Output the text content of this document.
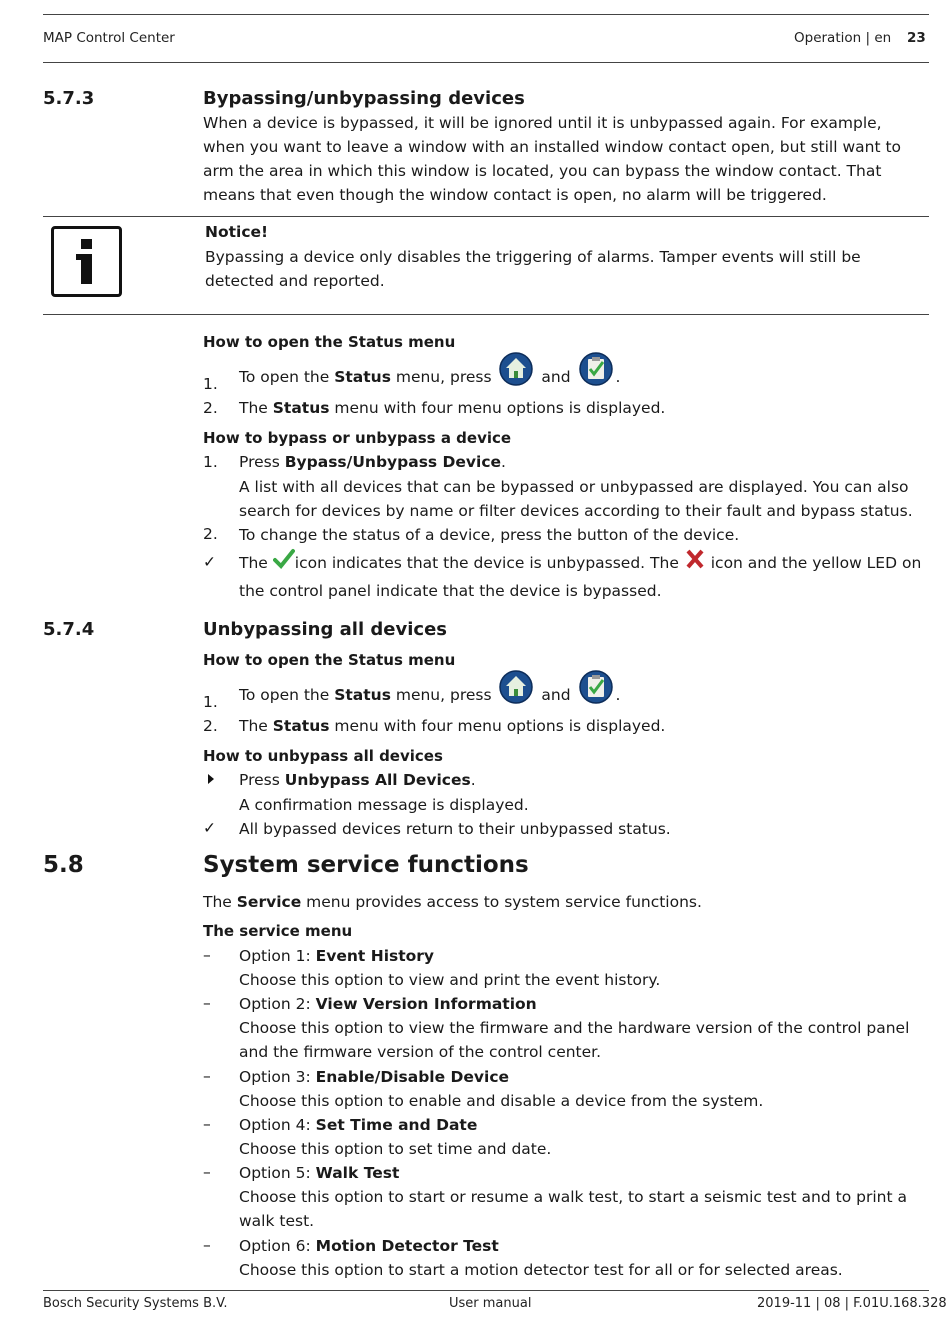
MAP Control Center	Operation | en 23
5.7.3	Bypassing/unbypassing devices
When a device is bypassed, it will be ignored until it is unbypassed again. For example, when you want to leave a window with an installed window contact open, but still want to arm the area in which this window is located, you can bypass the window contact. That means that even though the window contact is open, no alarm will be triggered.
Notice!
Bypassing a device only disables the triggering of alarms. Tamper events will still be detected and reported.
How to open the Status menu
1. To open the Status menu, press	and	.
2. The Status menu with four menu options is displayed.
How to bypass or unbypass a device
1. Press Bypass/Unbypass Device.
A list with all devices that can be bypassed or unbypassed are displayed. You can also search for devices by name or filter devices according to their fault and bypass status.
2. To change the status of a device, press the button of the device.
✓ The icon indicates that the device is unbypassed. The icon and the yellow LED on the control panel indicate that the device is bypassed.
5.7.4	Unbypassing all devices
How to open the Status menu
1. To open the Status menu, press	and	.
2. The Status menu with four menu options is displayed.
How to unbypass all devices
Press Unbypass All Devices.
A confirmation message is displayed.
✓ All bypassed devices return to their unbypassed status.
5.8	System service functions
The Service menu provides access to system service functions.
The service menu
– Option 1: Event History
Choose this option to view and print the event history.
– Option 2: View Version Information
Choose this option to view the firmware and the hardware version of the control panel and the firmware version of the control center.
– Option 3: Enable/Disable Device
Choose this option to enable and disable a device from the system.
– Option 4: Set Time and Date
Choose this option to set time and date.
– Option 5: Walk Test
Choose this option to start or resume a walk test, to start a seismic test and to print a walk test.
– Option 6: Motion Detector Test
Choose this option to start a motion detector test for all or for selected areas.
Bosch Security Systems B.V.	User manual	2019-11 | 08 | F.01U.168.328
